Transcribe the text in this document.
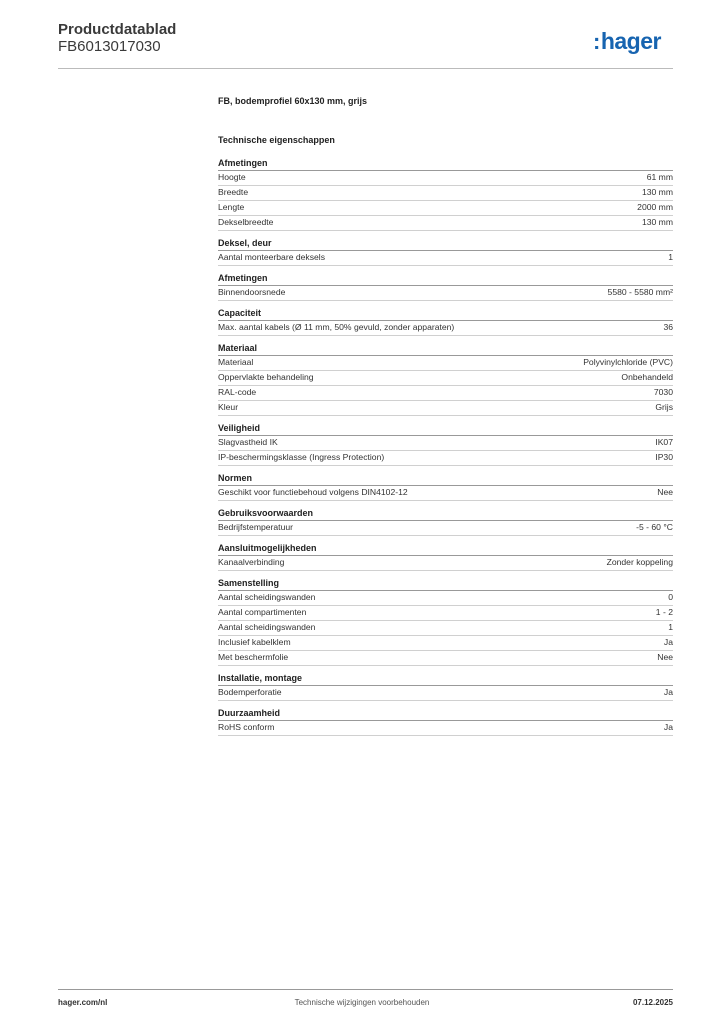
Productdatablad
FB6013017030	:hager
FB, bodemprofiel 60x130 mm, grijs
Technische eigenschappen
Afmetingen
Hoogte	61 mm
Breedte	130 mm
Lengte	2000 mm
Dekselbreedte	130 mm
Deksel, deur
Aantal monteerbare deksels	1
Afmetingen
Binnendoorsnede	5580 - 5580 mm²
Capaciteit
Max. aantal kabels (Ø 11 mm, 50% gevuld, zonder apparaten)	36
Materiaal
Materiaal	Polyvinylchloride (PVC)
Oppervlakte behandeling	Onbehandeld
RAL-code	7030
Kleur	Grijs
Veiligheid
Slagvastheid IK	IK07
IP-beschermingsklasse (Ingress Protection)	IP30
Normen
Geschikt voor functiebehoud volgens DIN4102-12	Nee
Gebruiksvoorwaarden
Bedrijfstemperatuur	-5 - 60 °C
Aansluitmogelijkheden
Kanaalverbinding	Zonder koppeling
Samenstelling
Aantal scheidingswanden	0
Aantal compartimenten	1 - 2
Aantal scheidingswanden	1
Inclusief kabelklem	Ja
Met beschermfolie	Nee
Installatie, montage
Bodemperforatie	Ja
Duurzaamheid
RoHS conform	Ja
hager.com/nl	Technische wijzigingen voorbehouden	07.12.2025
